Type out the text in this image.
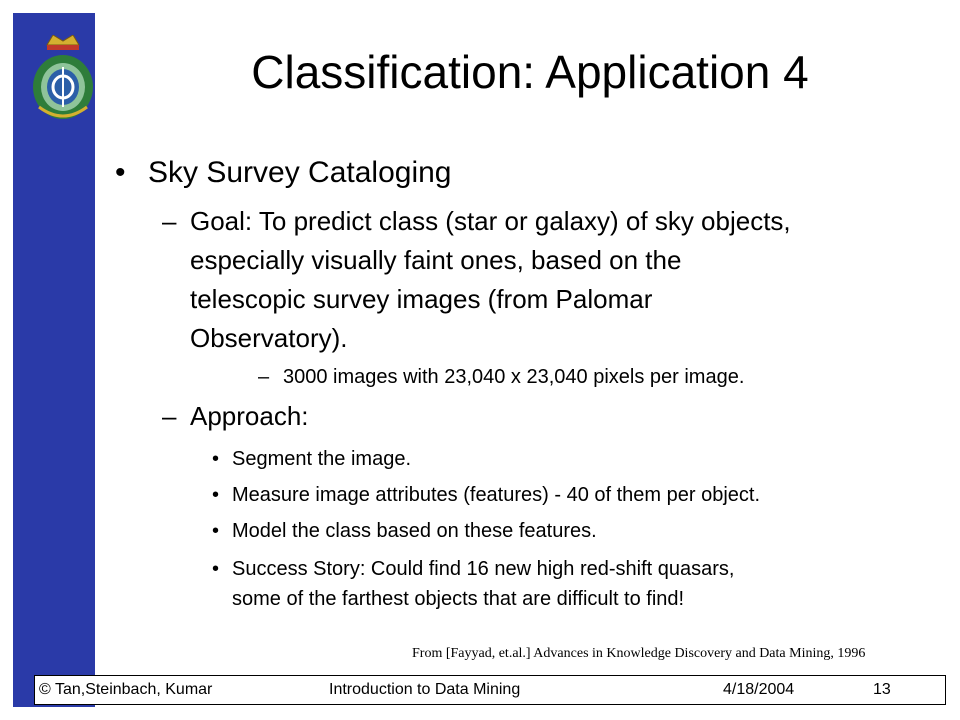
Classification: Application 4
• Sky Survey Cataloging
– Goal: To predict class (star or galaxy) of sky objects,
especially visually faint ones, based on the
telescopic survey images (from Palomar
Observatory).
– 3000 images with 23,040 x 23,040 pixels per image.
– Approach:
• Segment the image.
• Measure image attributes (features) - 40 of them per object.
• Model the class based on these features.
• Success Story: Could find 16 new high red-shift quasars,
some of the farthest objects that are difficult to find!
From [Fayyad, et.al.] Advances in Knowledge Discovery and Data Mining, 1996
© Tan,Steinbach, Kumar	Introduction to Data Mining	4/18/2004	13
